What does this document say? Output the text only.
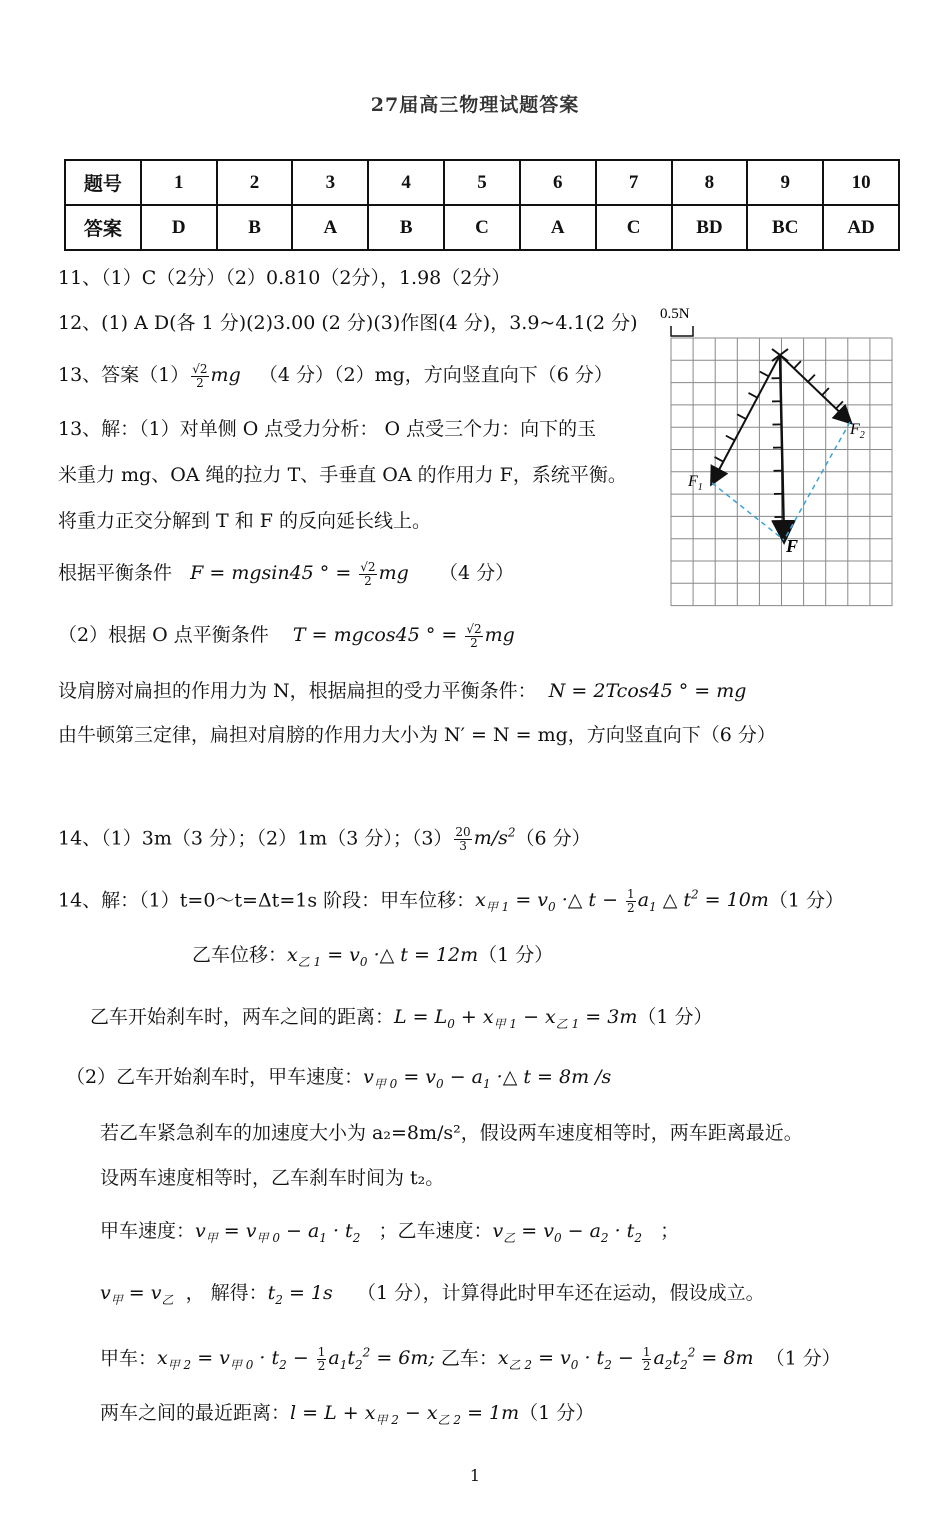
27届高三物理试题答案
题号	1	2	3	4	5	6	7	8	9	10
答案	D	B	A	B	C	A	C	BD	BC	AD
11、（1）C（2分）（2）0.810（2分），1.98（2分）
12、(1) A D(各 1 分)(2)3.00 (2 分)(3)作图(4 分)，3.9~4.1(2 分)
13、答案$(1) \frac{√2}{2}$ mg （4 分）（2）mg，方向竖直向下（6 分）
13、解：（1）对单侧 O 点受力分析： O 点受三个力：向下的玉
米重力 mg、OA 绳的拉力 T、手垂直 OA 的作用力 F，系统平衡。
将重力正交分解到 T 和 F 的反向延长线上。
根据平衡条件 F = mgsin45 ° = $\frac{√2}{2}$ mg （4 分）
（2）根据 O 点平衡条件 T = mgcos45 ° = $\frac{√2}{2}$ mg
设肩膀对扁担的作用力为 N，根据扁担的受力平衡条件： N = 2Tcos45 ° = mg
由牛顿第三定律，扁担对肩膀的作用力大小为 N′ = N = mg，方向竖直向下（6 分）
14、（1）3m（3 分）；（2）1m（3 分）；$(3) \frac{20}{3} m/s^2(6$ 分）
14、解：（1）t=0～t=Δt=1s 阶段：甲车位移：$x_{甲 1} = v_0$ ·△ $t - \frac{1}{2} a_1$ △ $t^2 = 10m(1$ 分）
乙车位移：$x_{乙 1} = v_0$ ·△ t = 12m（1 分）
乙车开始刹车时，两车之间的距离：$L = L_0 + x_{甲 1} - x_{乙 1} = 3m(1$ 分）
（2）乙车开始刹车时，甲车速度：$v_{甲 0} = v_0 - a_1$ ·△ t = 8m /s
若乙车紧急刹车的加速度大小为 a₂=8m/s²，假设两车速度相等时，两车距离最近。
设两车速度相等时，乙车刹车时间为 t₂。
甲车速度：$v_甲 = v_{甲 0} - a_1 \cdot t_2$ ；乙车速度：$v_乙 = v_0 - a_2 \cdot t_2$   ；
$v_甲 = v_乙$ ， 解得：$t_2 = 1s$ （1 分），计算得此时甲车还在运动，假设成立。
甲车：$x_{甲 2} = v_{甲 0} \cdot t_2 - \frac{1}{2} a_1t_2^2 = 6m$; 乙车：$x_{乙 2} = v_0 \cdot t_2 - \frac{1}{2} a_2t_2^2 = 8m$ （1 分）
两车之间的最近距离：$l = L + x_{甲 2} - x_{乙 2} = 1m(1$ 分）
0.5N
$F_1$
$F_2$
F
1
